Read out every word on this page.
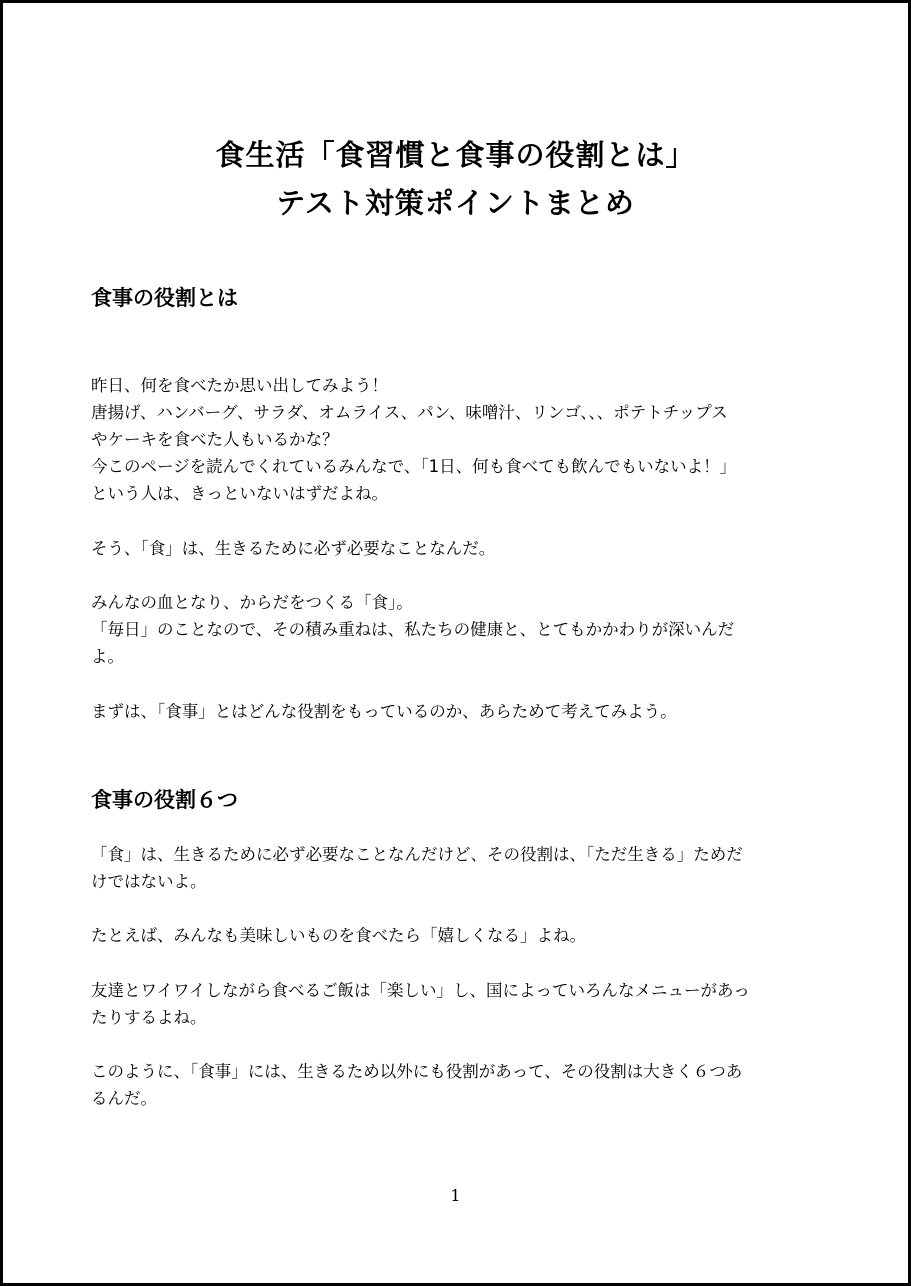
食生活「食習慣と食事の役割とは」
テスト対策ポイントまとめ
食事の役割とは
昨日、何を食べたか思い出してみよう！
唐揚げ、ハンバーグ、サラダ、オムライス、パン、味噌汁、リンゴ、、、ポテトチップス
やケーキを食べた人もいるかな？
今このページを読んでくれているみんなで、「1日、何も食べても飲んでもいないよ！」
という人は、きっといないはずだよね。
そう、「食」は、生きるために必ず必要なことなんだ。
みんなの血となり、からだをつくる「食」。
「毎日」のことなので、その積み重ねは、私たちの健康と、とてもかかわりが深いんだ
よ。
まずは、「食事」とはどんな役割をもっているのか、あらためて考えてみよう。
食事の役割６つ
「食」は、生きるために必ず必要なことなんだけど、その役割は、「ただ生きる」ためだ
けではないよ。
たとえば、みんなも美味しいものを食べたら「嬉しくなる」よね。
友達とワイワイしながら食べるご飯は「楽しい」し、国によっていろんなメニューがあっ
たりするよね。
このように、「食事」には、生きるため以外にも役割があって、その役割は大きく６つあ
るんだ。
1
